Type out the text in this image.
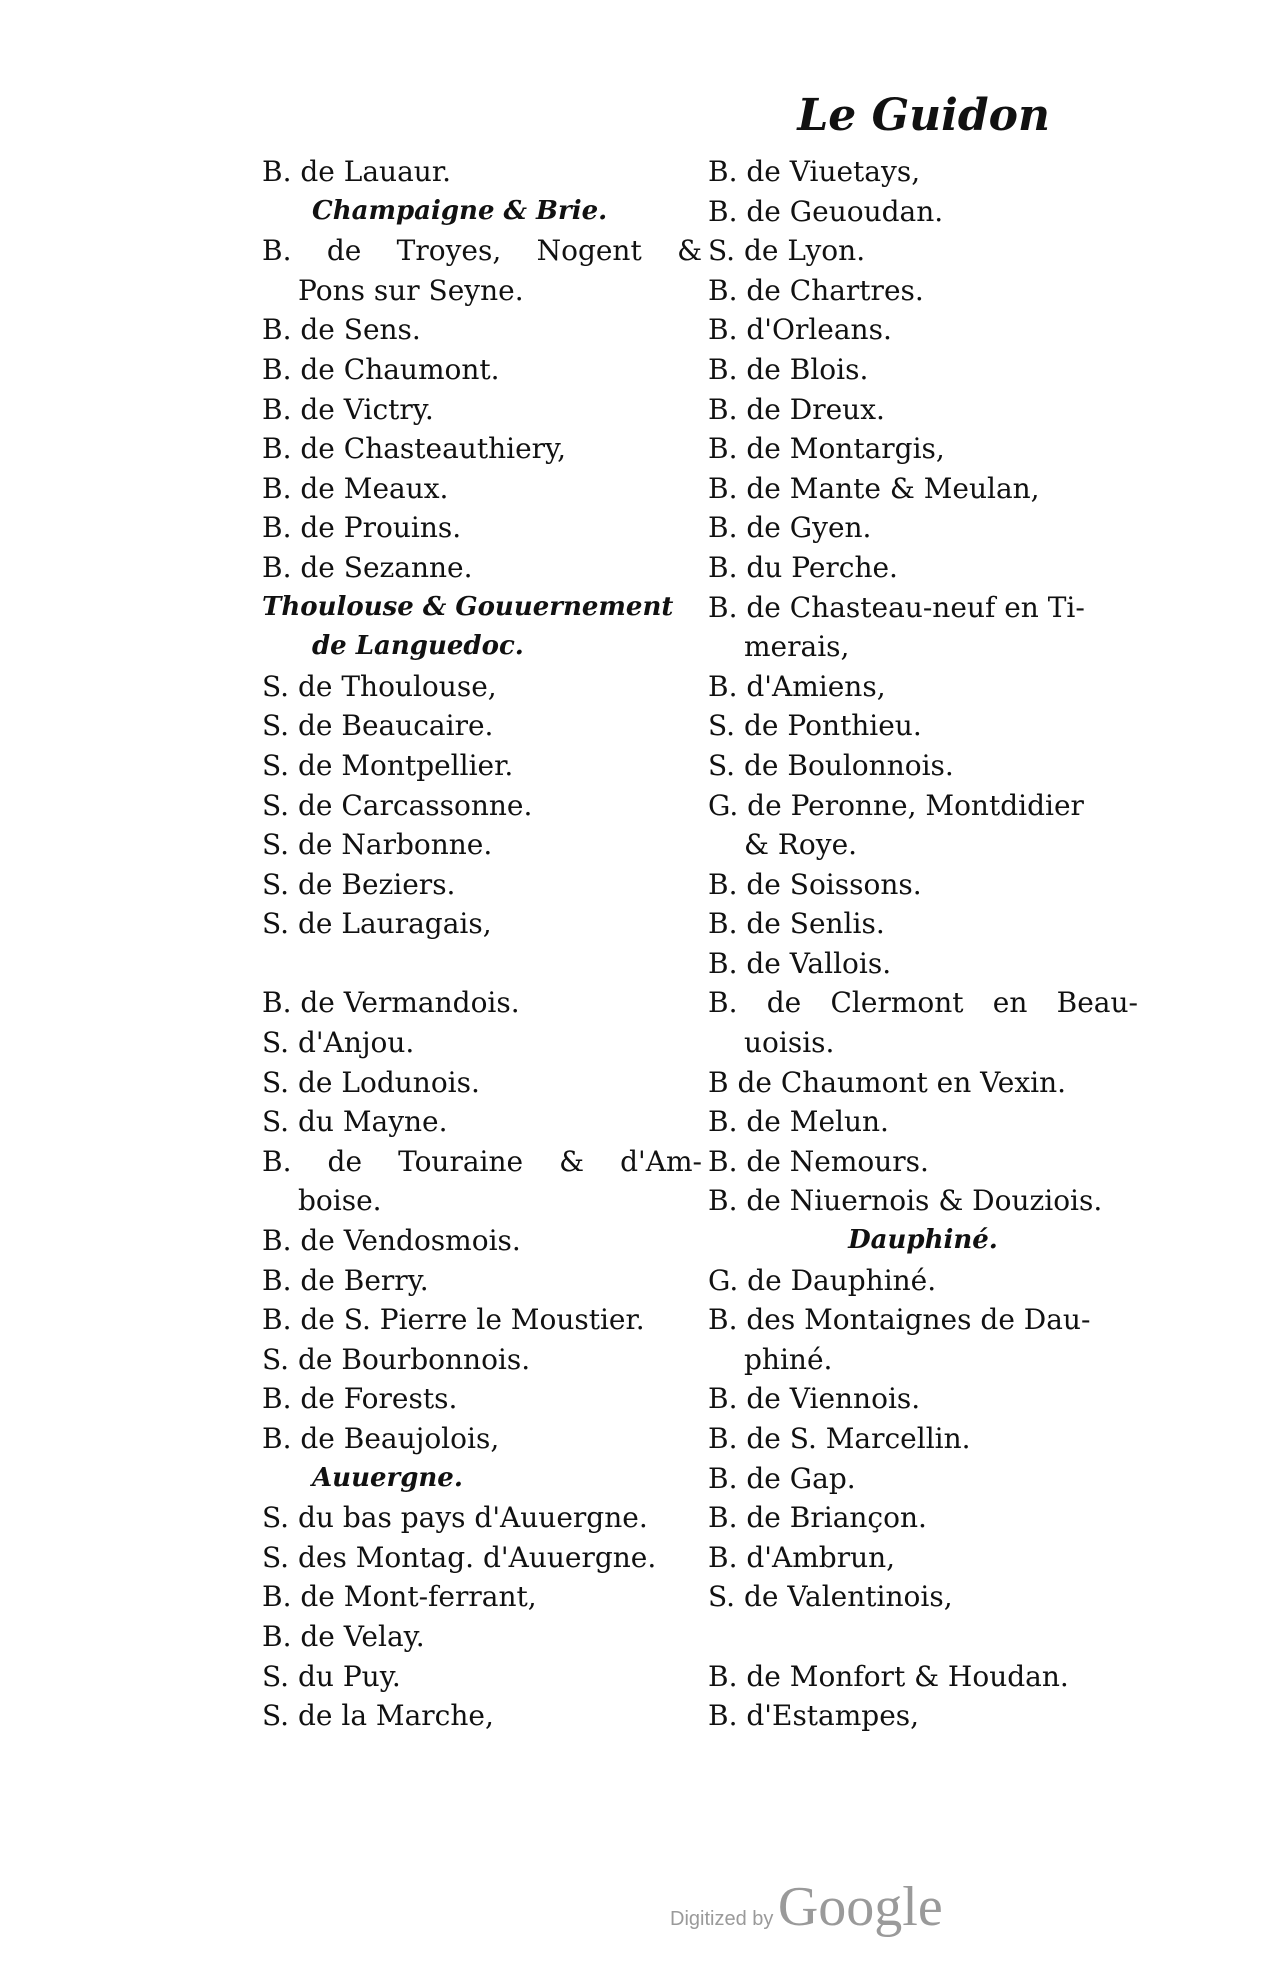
Le Guidon
B. de Lauaur.
Champaigne & Brie.
B. de Troyes, Nogent &
Pons sur Seyne.
B. de Sens.
B. de Chaumont.
B. de Victry.
B. de Chasteauthiery,
B. de Meaux.
B. de Prouins.
B. de Sezanne.
Thoulouse & Gouuernement
de Languedoc.
S. de Thoulouse,
S. de Beaucaire.
S. de Montpellier.
S. de Carcassonne.
S. de Narbonne.
S. de Beziers.
S. de Lauragais,
B. de Vermandois.
S. d'Anjou.
S. de Lodunois.
S. du Mayne.
B. de Touraine & d'Am-
boise.
B. de Vendosmois.
B. de Berry.
B. de S. Pierre le Moustier.
S. de Bourbonnois.
B. de Forests.
B. de Beaujolois,
Auuergne.
S. du bas pays d'Auuergne.
S. des Montag. d'Auuergne.
B. de Mont-ferrant,
B. de Velay.
S. du Puy.
S. de la Marche,
B. de Viuetays,
B. de Geuoudan.
S. de Lyon.
B. de Chartres.
B. d'Orleans.
B. de Blois.
B. de Dreux.
B. de Montargis,
B. de Mante & Meulan,
B. de Gyen.
B. du Perche.
B. de Chasteau-neuf en Ti-
merais,
B. d'Amiens,
S. de Ponthieu.
S. de Boulonnois.
G. de Peronne, Montdidier
& Roye.
B. de Soissons.
B. de Senlis.
B. de Vallois.
B. de Clermont en Beau-
uoisis.
B de Chaumont en Vexin.
B. de Melun.
B. de Nemours.
B. de Niuernois & Douziois.
Dauphiné.
G. de Dauphiné.
B. des Montaignes de Dau-
phiné.
B. de Viennois.
B. de S. Marcellin.
B. de Gap.
B. de Briançon.
B. d'Ambrun,
S. de Valentinois,
B. de Monfort & Houdan.
B. d'Estampes,
Digitized by Google
